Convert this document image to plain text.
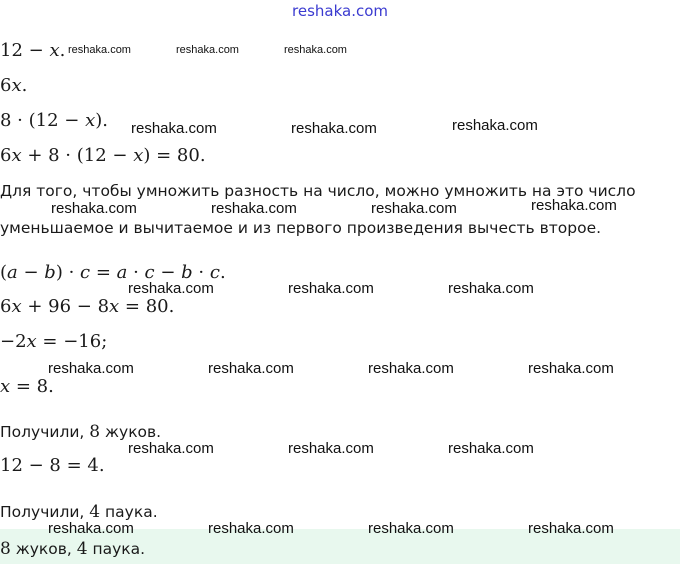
reshaka.com
12 − x.
6x.
8 · (12 − x).
6x + 8 · (12 − x) = 80.
Для того, чтобы умножить разность на число, можно умножить на это число
уменьшаемое и вычитаемое и из первого произведения вычесть второе.
(a − b) · c = a · c − b · c.
6x + 96 − 8x = 80.
−2x = −16;
x = 8.
Получили, 8 жуков.
12 − 8 = 4.
Получили, 4 паука.
8 жуков, 4 паука.
reshaka.com	reshaka.com	reshaka.com
reshaka.com	reshaka.com	reshaka.com
reshaka.com	reshaka.com	reshaka.com	reshaka.com
reshaka.com	reshaka.com	reshaka.com
reshaka.com	reshaka.com	reshaka.com	reshaka.com
reshaka.com	reshaka.com	reshaka.com
reshaka.com	reshaka.com	reshaka.com	reshaka.com
